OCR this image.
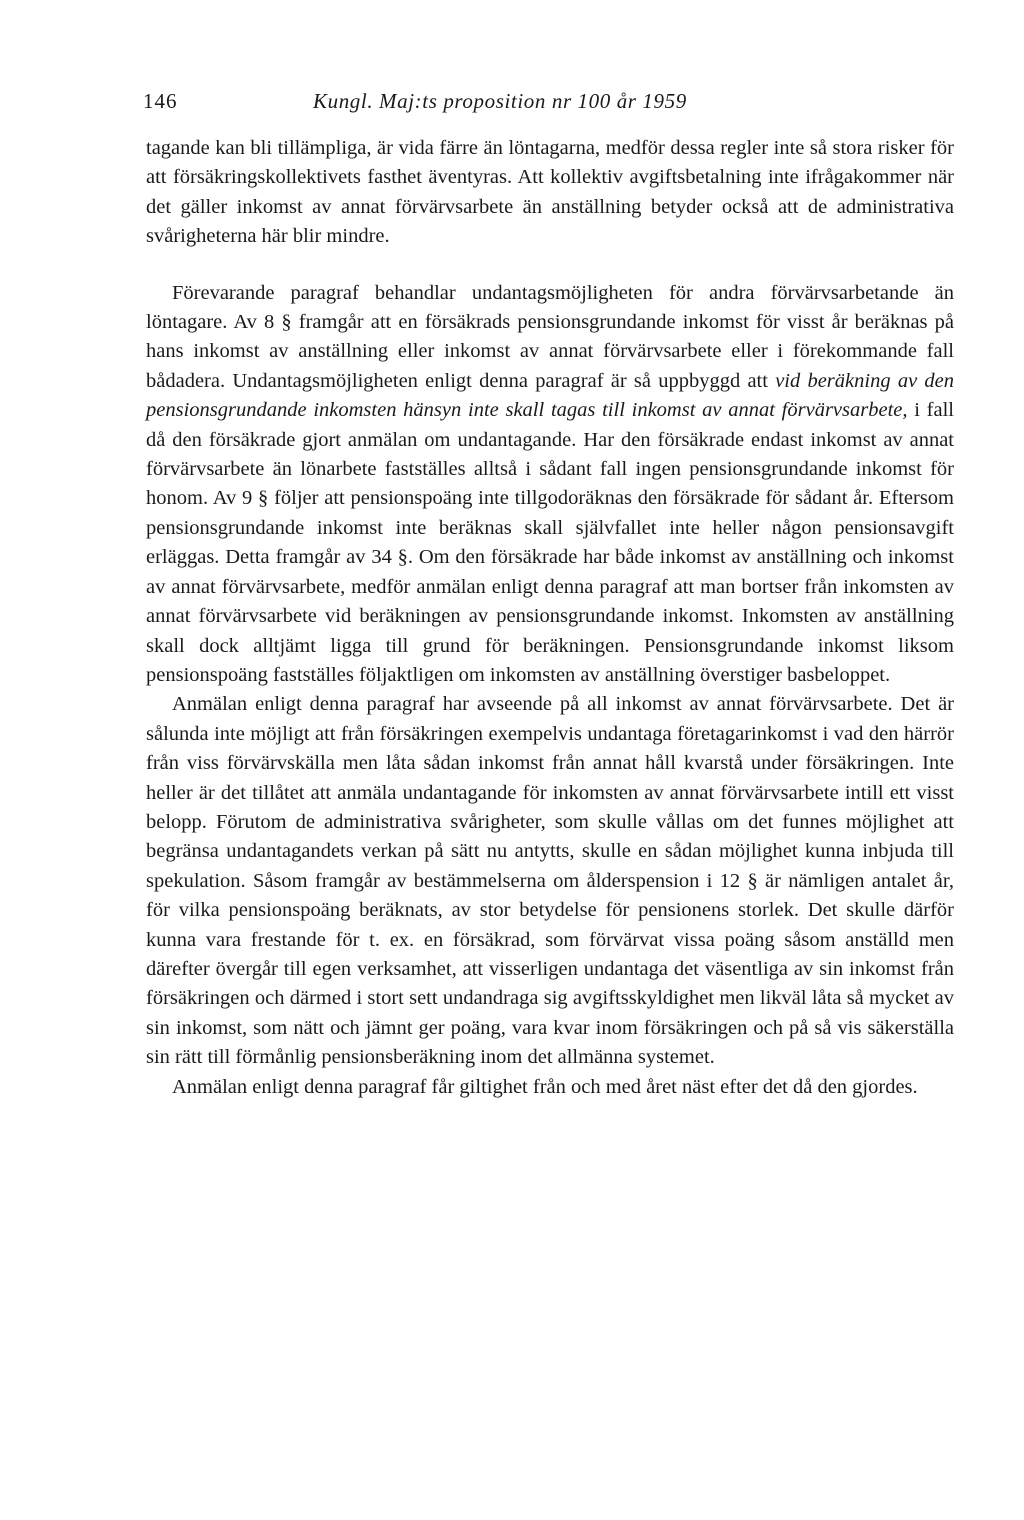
146	Kungl. Maj:ts proposition nr 100 år 1959

tagande kan bli tillämpliga, är vida färre än löntagarna, medför dessa regler inte så stora risker för att försäkringskollektivets fasthet äventyras. Att kollektiv avgiftsbetalning inte ifrågakommer när det gäller inkomst av annat förvärvsarbete än anställning betyder också att de administrativa svårigheterna här blir mindre.

Förevarande paragraf behandlar undantagsmöjligheten för andra förvärvsarbetande än löntagare. Av 8 § framgår att en försäkrads pensionsgrundande inkomst för visst år beräknas på hans inkomst av anställning eller inkomst av annat förvärvsarbete eller i förekommande fall bådadera. Undantagsmöjligheten enligt denna paragraf är så uppbyggd att vid beräkning av den pensionsgrundande inkomsten hänsyn inte skall tagas till inkomst av annat förvärvsarbete, i fall då den försäkrade gjort anmälan om undantagande. Har den försäkrade endast inkomst av annat förvärvsarbete än lönarbete fastställes alltså i sådant fall ingen pensionsgrundande inkomst för honom. Av 9 § följer att pensionspoäng inte tillgodoräknas den försäkrade för sådant år. Eftersom pensionsgrundande inkomst inte beräknas skall självfallet inte heller någon pensionsavgift erläggas. Detta framgår av 34 §. Om den försäkrade har både inkomst av anställning och inkomst av annat förvärvsarbete, medför anmälan enligt denna paragraf att man bortser från inkomsten av annat förvärvsarbete vid beräkningen av pensionsgrundande inkomst. Inkomsten av anställning skall dock alltjämt ligga till grund för beräkningen. Pensionsgrundande inkomst liksom pensionspoäng fastställes följaktligen om inkomsten av anställning överstiger basbeloppet.

Anmälan enligt denna paragraf har avseende på all inkomst av annat förvärvsarbete. Det är sålunda inte möjligt att från försäkringen exempelvis undantaga företagarinkomst i vad den härrör från viss förvärvskälla men låta sådan inkomst från annat håll kvarstå under försäkringen. Inte heller är det tillåtet att anmäla undantagande för inkomsten av annat förvärvsarbete intill ett visst belopp. Förutom de administrativa svårigheter, som skulle vållas om det funnes möjlighet att begränsa undantagandets verkan på sätt nu antytts, skulle en sådan möjlighet kunna inbjuda till spekulation. Såsom framgår av bestämmelserna om ålderspension i 12 § är nämligen antalet år, för vilka pensionspoäng beräknats, av stor betydelse för pensionens storlek. Det skulle därför kunna vara frestande för t. ex. en försäkrad, som förvärvat vissa poäng såsom anställd men därefter övergår till egen verksamhet, att visserligen undantaga det väsentliga av sin inkomst från försäkringen och därmed i stort sett undandraga sig avgiftsskyldighet men likväl låta så mycket av sin inkomst, som nätt och jämnt ger poäng, vara kvar inom försäkringen och på så vis säkerställa sin rätt till förmånlig pensionsberäkning inom det allmänna systemet.

Anmälan enligt denna paragraf får giltighet från och med året näst efter det då den gjordes.
